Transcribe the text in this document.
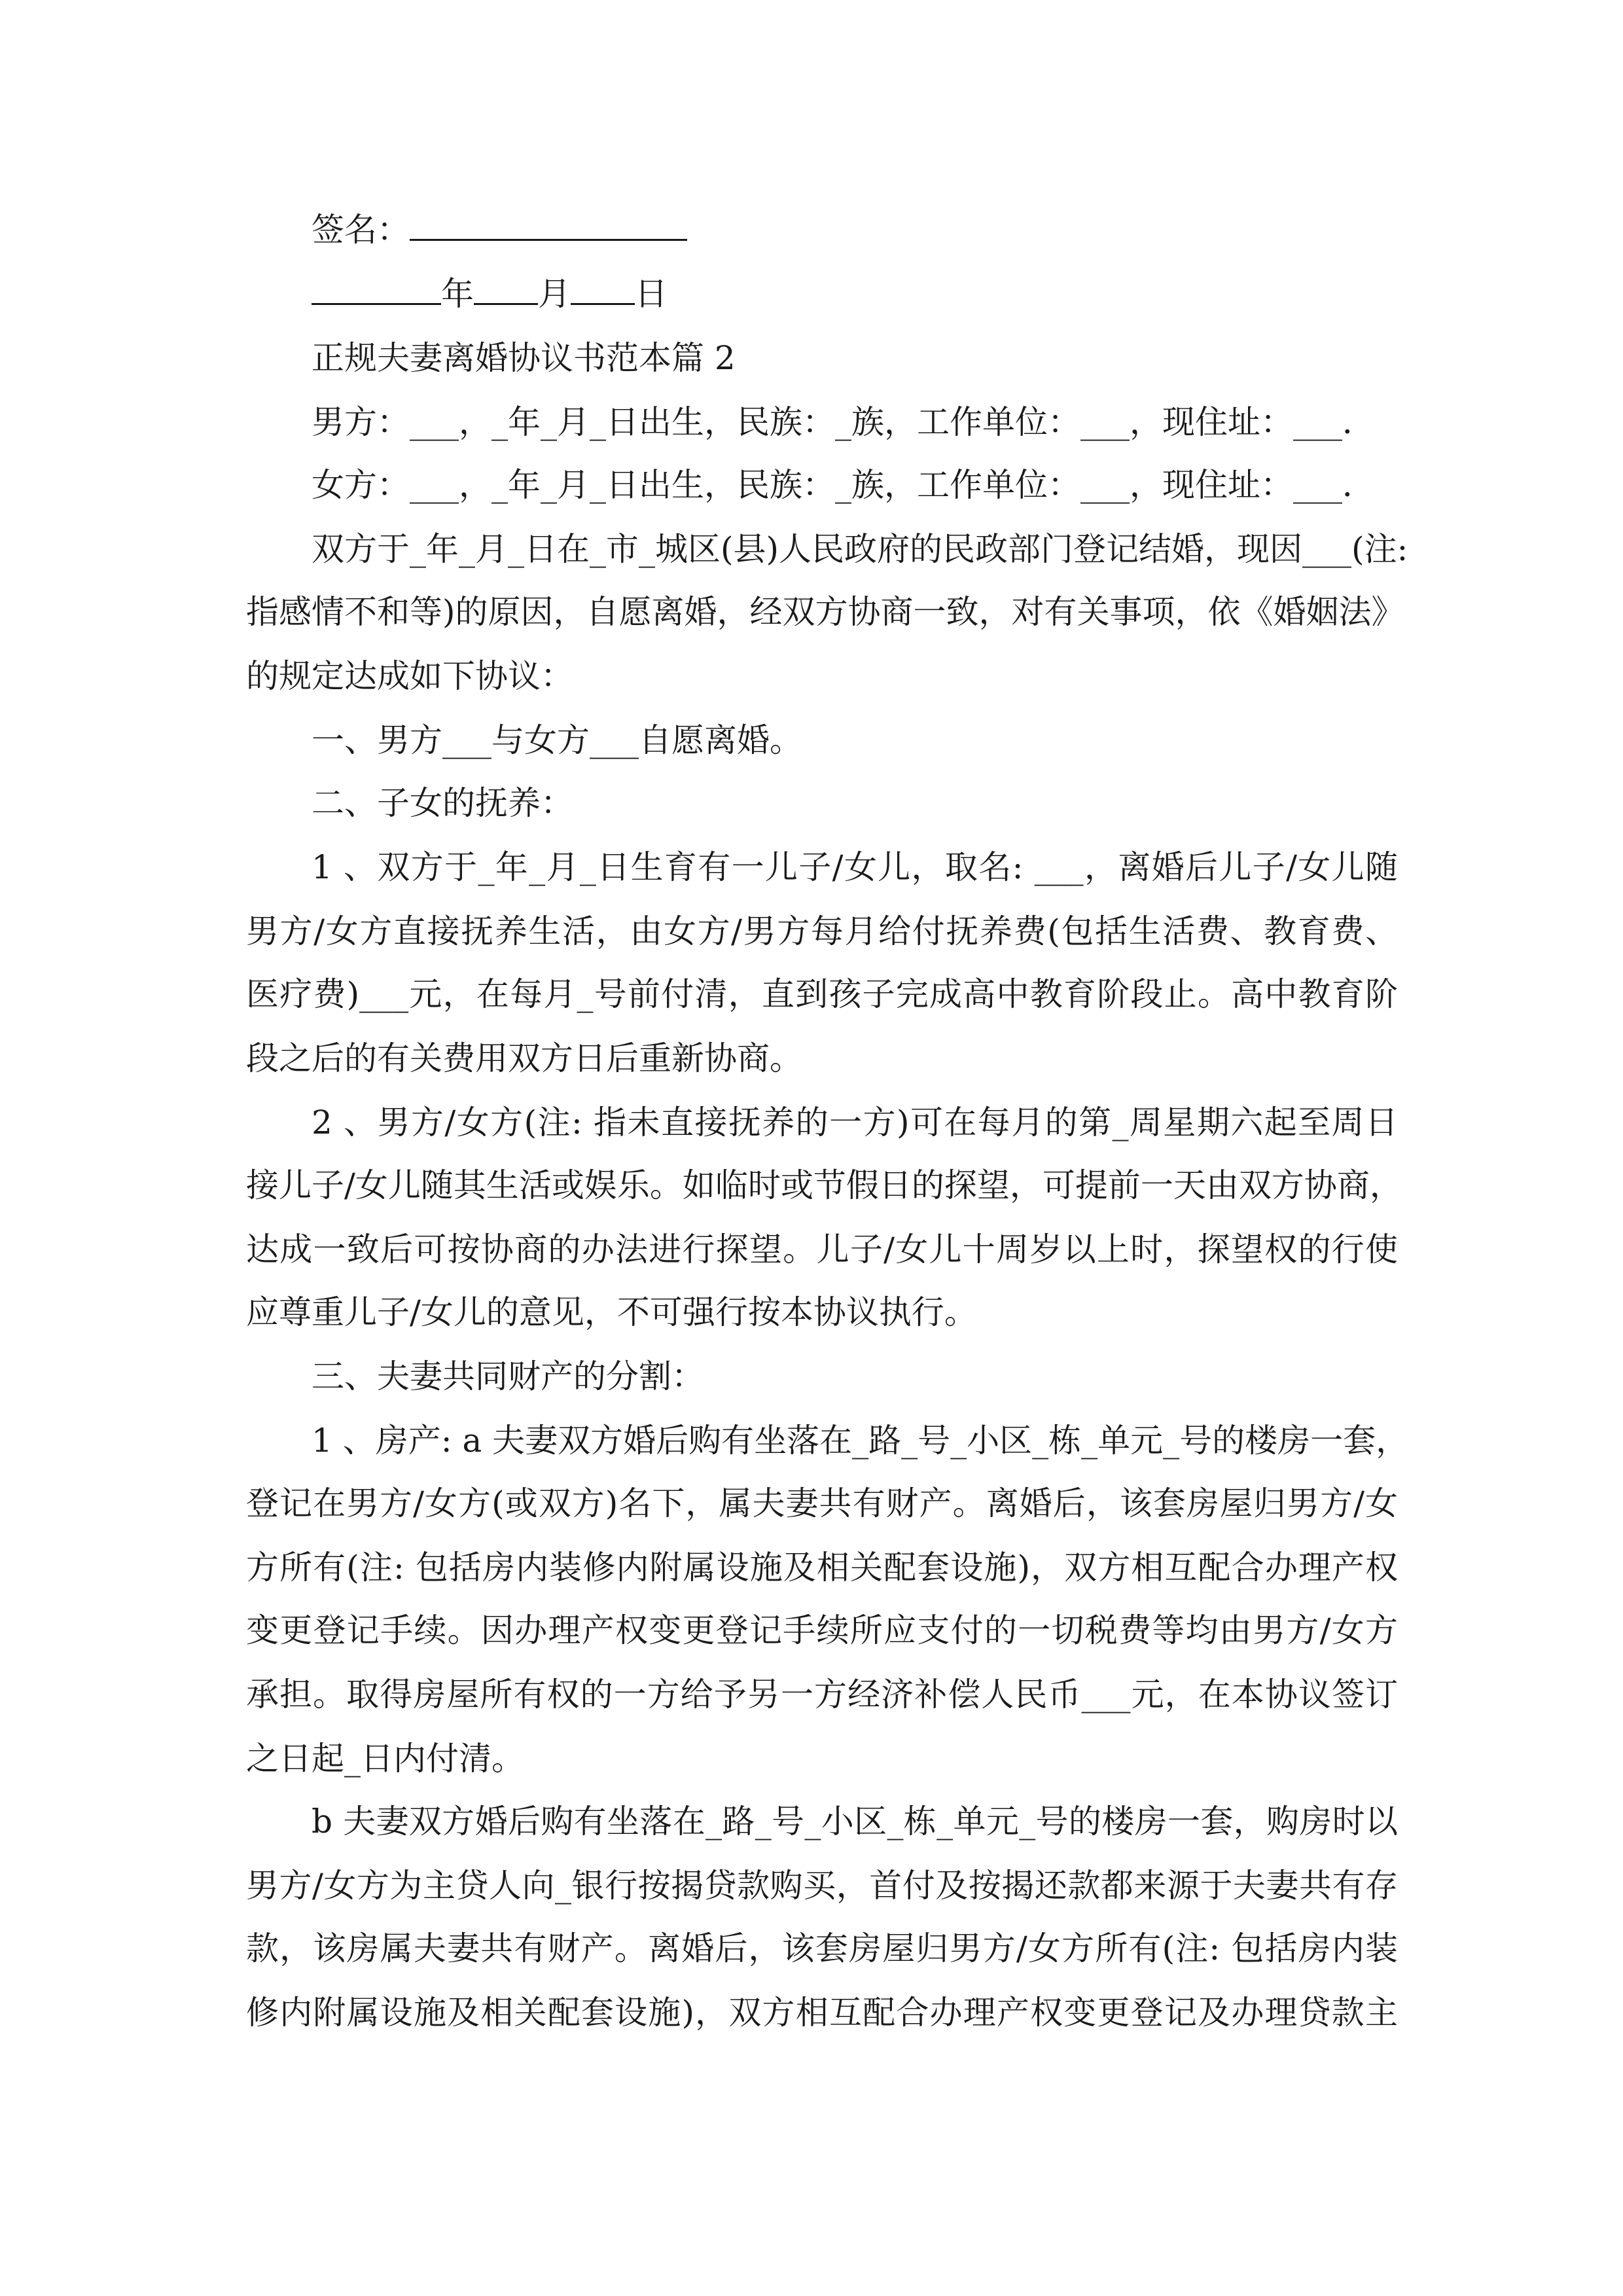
签名：
年 月 日
正规夫妻离婚协议书范本篇 2
男方：___，_年_月_日出生，民族：_族，工作单位：___，现住址：___．
女方：___，_年_月_日出生，民族：_族，工作单位：___，现住址：___．
双方于_年_月_日在_市_城区(县)人民政府的民政部门登记结婚，现因___(注:
指感情不和等)的原因，自愿离婚，经双方协商一致，对有关事项，依《婚姻法》
的规定达成如下协议：
一、男方___与女方___自愿离婚。
二、子女的抚养：
1 、双方于_年_月_日生育有一儿子/女儿，取名: ___，离婚后儿子/女儿随
男方/女方直接抚养生活，由女方/男方每月给付抚养费(包括生活费、教育费、
医疗费)___元，在每月_号前付清，直到孩子完成高中教育阶段止。高中教育阶
段之后的有关费用双方日后重新协商。
2 、男方/女方(注: 指未直接抚养的一方)可在每月的第_周星期六起至周日
接儿子/女儿随其生活或娱乐。如临时或节假日的探望，可提前一天由双方协商，
达成一致后可按协商的办法进行探望。儿子/女儿十周岁以上时，探望权的行使
应尊重儿子/女儿的意见，不可强行按本协议执行。
三、夫妻共同财产的分割：
1 、房产: a 夫妻双方婚后购有坐落在_路_号_小区_栋_单元_号的楼房一套，
登记在男方/女方(或双方)名下，属夫妻共有财产。离婚后，该套房屋归男方/女
方所有(注: 包括房内装修内附属设施及相关配套设施)，双方相互配合办理产权
变更登记手续。因办理产权变更登记手续所应支付的一切税费等均由男方/女方
承担。取得房屋所有权的一方给予另一方经济补偿人民币___元，在本协议签订
之日起_日内付清。
b 夫妻双方婚后购有坐落在_路_号_小区_栋_单元_号的楼房一套，购房时以
男方/女方为主贷人向_银行按揭贷款购买，首付及按揭还款都来源于夫妻共有存
款，该房属夫妻共有财产。离婚后，该套房屋归男方/女方所有(注: 包括房内装
修内附属设施及相关配套设施)，双方相互配合办理产权变更登记及办理贷款主
